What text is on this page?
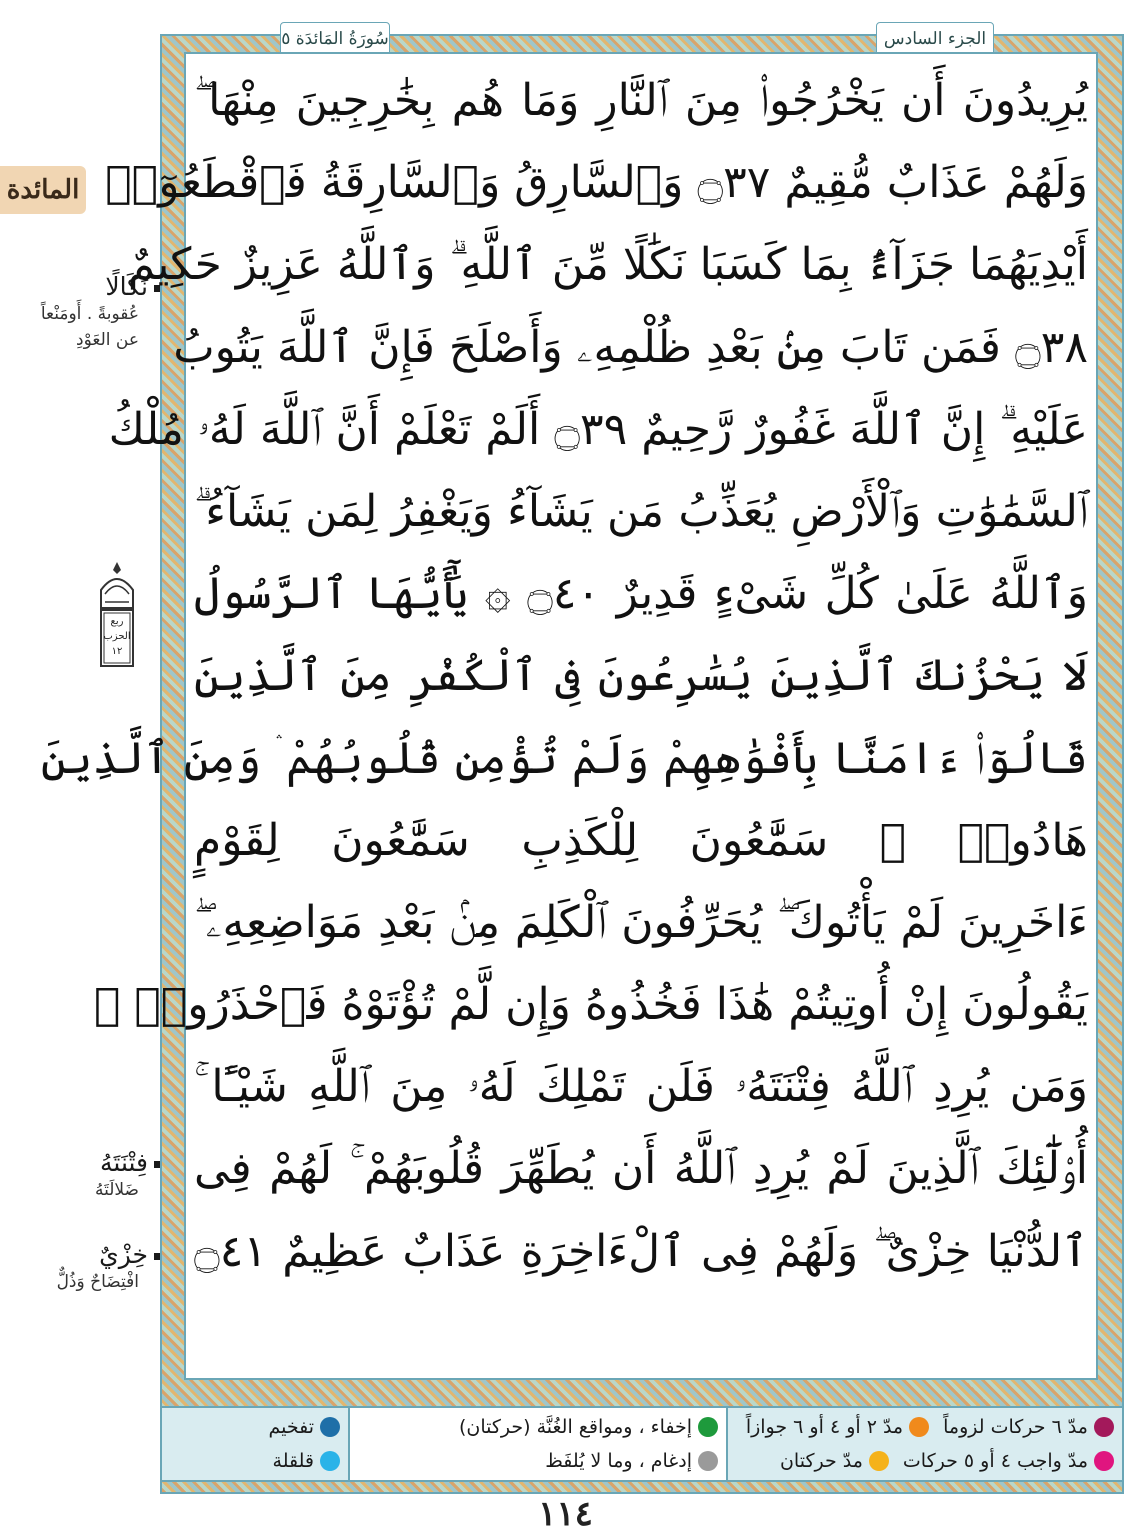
المائدة
نَكَالًا
عُقوبةً . أَومَنْعاً
عن العَوْدِ
ربع
الحزب
١٢
فِتْنَتَهُ
ضَلالَتَهُ
خِزْيٌ
افْتِضَاحٌ وَذُلٌّ
سُورَةُ المَائدَة ٥	الجزء السادس
يُرِيدُونَ أَن يَخْرُجُوا۟ مِنَ ٱلنَّارِ وَمَا هُم بِخَٰرِجِينَ مِنْهَا ۖ
وَلَهُمْ عَذَابٌ مُّقِيمٌ ۝٣٧ وَٱلسَّارِقُ وَٱلسَّارِقَةُ فَٱقْطَعُوٓا۟
أَيْدِيَهُمَا جَزَآءًۢ بِمَا كَسَبَا نَكَٰلًا مِّنَ ٱللَّهِ ۗ وَٱللَّهُ عَزِيزٌ حَكِيمٌ
۝٣٨ فَمَن تَابَ مِنۢ بَعْدِ ظُلْمِهِۦ وَأَصْلَحَ فَإِنَّ ٱللَّهَ يَتُوبُ
عَلَيْهِ ۗ إِنَّ ٱللَّهَ غَفُورٌ رَّحِيمٌ ۝٣٩ أَلَمْ تَعْلَمْ أَنَّ ٱللَّهَ لَهُۥ مُلْكُ
ٱلسَّمَٰوَٰتِ وَٱلْأَرْضِ يُعَذِّبُ مَن يَشَآءُ وَيَغْفِرُ لِمَن يَشَآءُ ۗ
وَٱللَّهُ عَلَىٰ كُلِّ شَىْءٍ قَدِيرٌ ۝٤٠ ۞ يَٰٓأَيُّهَا ٱلرَّسُولُ
لَا يَحْزُنكَ ٱلَّذِينَ يُسَٰرِعُونَ فِى ٱلْكُفْرِ مِنَ ٱلَّذِينَ
قَالُوٓا۟ ءَامَنَّا بِأَفْوَٰهِهِمْ وَلَمْ تُؤْمِن قُلُوبُهُمْ ۛ وَمِنَ ٱلَّذِينَ
هَادُوا۟ ۛ سَمَّٰعُونَ لِلْكَذِبِ سَمَّٰعُونَ لِقَوْمٍ
ءَاخَرِينَ لَمْ يَأْتُوكَ ۖ يُحَرِّفُونَ ٱلْكَلِمَ مِنۢ بَعْدِ مَوَاضِعِهِۦ ۖ
يَقُولُونَ إِنْ أُوتِيتُمْ هَٰذَا فَخُذُوهُ وَإِن لَّمْ تُؤْتَوْهُ فَٱحْذَرُوا۟ ۚ
وَمَن يُرِدِ ٱللَّهُ فِتْنَتَهُۥ فَلَن تَمْلِكَ لَهُۥ مِنَ ٱللَّهِ شَيْـًٔا ۚ
أُو۟لَٰٓئِكَ ٱلَّذِينَ لَمْ يُرِدِ ٱللَّهُ أَن يُطَهِّرَ قُلُوبَهُمْ ۚ لَهُمْ فِى
ٱلدُّنْيَا خِزْىٌ ۖ وَلَهُمْ فِى ٱلْءَاخِرَةِ عَذَابٌ عَظِيمٌ ۝٤١
مدّ ٦ حركات لزوماً
مدّ ٢ أو ٤ أو ٦ جوازاً
مدّ واجب ٤ أو ٥ حركات
مدّ حركتان
إخفاء ، ومواقع الغُنَّة (حركتان)
إدغام ، وما لا يُلفَظ
تفخيم
قلقلة
١١٤
